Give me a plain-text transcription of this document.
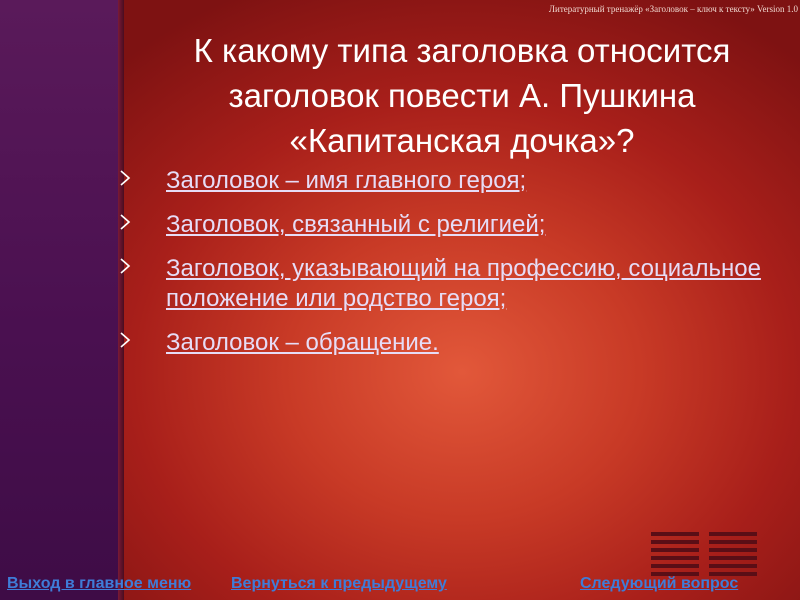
Литературный тренажёр «Заголовок – ключ к тексту» Version 1.0
К какому типа заголовка относится
заголовок повести А. Пушкина
«Капитанская дочка»?
Заголовок – имя главного героя;
Заголовок, связанный с религией;
Заголовок, указывающий на профессию, социальное положение или родство героя;
Заголовок – обращение.
Выход в главное меню Вернуться к предыдущему	Следующий вопрос
